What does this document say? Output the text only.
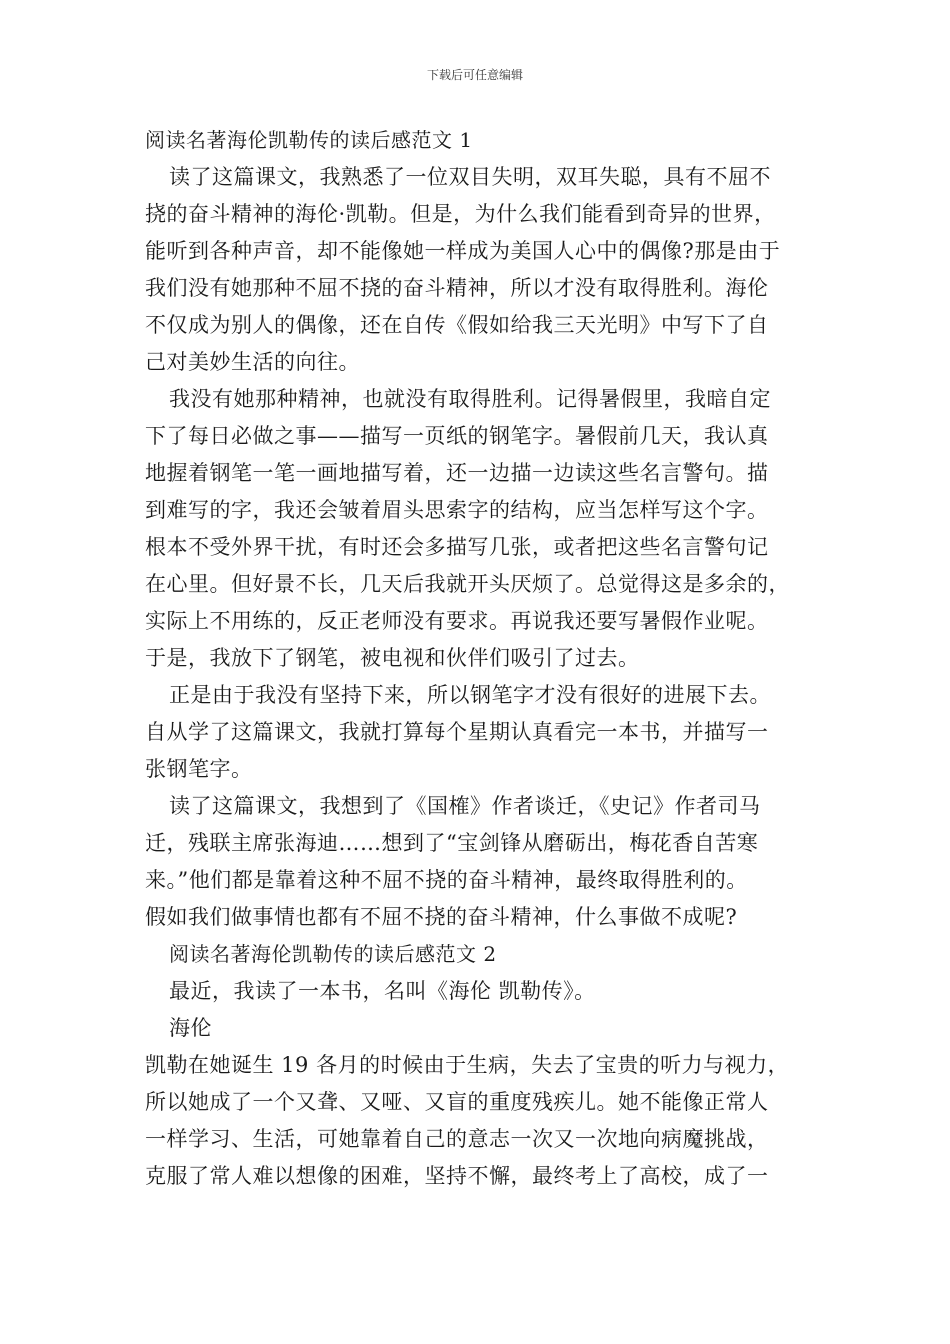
下载后可任意编辑
阅读名著海伦凯勒传的读后感范文 1
读了这篇课文，我熟悉了一位双目失明，双耳失聪，具有不屈不
挠的奋斗精神的海伦·凯勒。但是，为什么我们能看到奇异的世界，
能听到各种声音，却不能像她一样成为美国人心中的偶像?那是由于
我们没有她那种不屈不挠的奋斗精神，所以才没有取得胜利。海伦
不仅成为别人的偶像，还在自传《假如给我三天光明》中写下了自
己对美妙生活的向往。
我没有她那种精神，也就没有取得胜利。记得暑假里，我暗自定
下了每日必做之事——描写一页纸的钢笔字。暑假前几天，我认真
地握着钢笔一笔一画地描写着，还一边描一边读这些名言警句。描
到难写的字，我还会皱着眉头思索字的结构，应当怎样写这个字。
根本不受外界干扰，有时还会多描写几张，或者把这些名言警句记
在心里。但好景不长，几天后我就开头厌烦了。总觉得这是多余的，
实际上不用练的，反正老师没有要求。再说我还要写暑假作业呢。
于是，我放下了钢笔，被电视和伙伴们吸引了过去。
正是由于我没有坚持下来，所以钢笔字才没有很好的进展下去。
自从学了这篇课文，我就打算每个星期认真看完一本书，并描写一
张钢笔字。
读了这篇课文，我想到了《国榷》作者谈迁，《史记》作者司马
迁，残联主席张海迪……想到了“宝剑锋从磨砺出，梅花香自苦寒
来。”他们都是靠着这种不屈不挠的奋斗精神，最终取得胜利的。
假如我们做事情也都有不屈不挠的奋斗精神，什么事做不成呢?
阅读名著海伦凯勒传的读后感范文 2
最近，我读了一本书，名叫《海伦 凯勒传》。
海伦
凯勒在她诞生 19 各月的时候由于生病，失去了宝贵的听力与视力，
所以她成了一个又聋、又哑、又盲的重度残疾儿。她不能像正常人
一样学习、生活，可她靠着自己的意志一次又一次地向病魔挑战，
克服了常人难以想像的困难，坚持不懈，最终考上了高校，成了一
